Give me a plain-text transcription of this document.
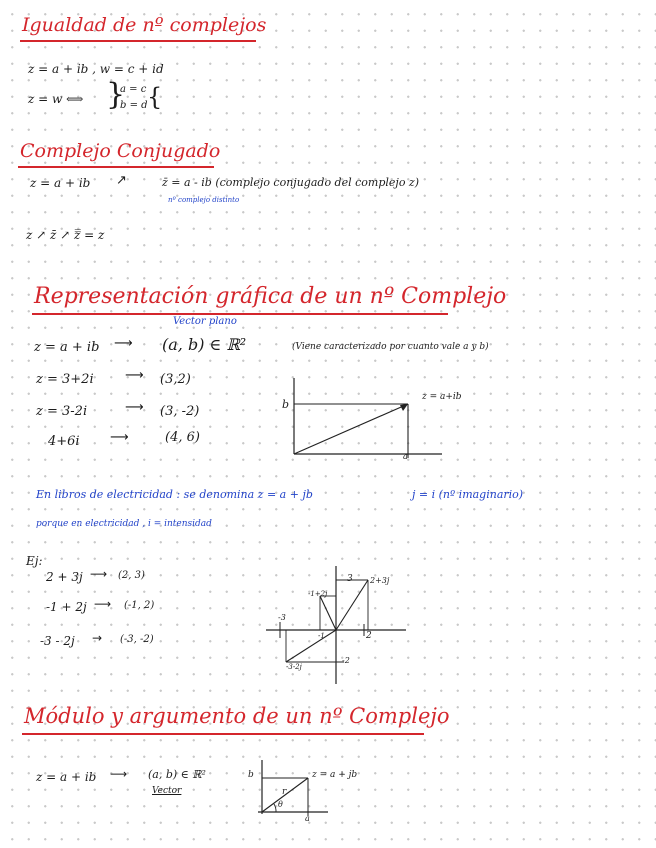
Igualdad de nº complejos
z = a + ib , w = c + id
z = w ⟺ }
a = c
b = d {
Complejo Conjugado
z = a + ib ↗	z̄ = a - ib (complejo conjugado del complejo z)
nº complejo distinto
z ↗ z̄ ↗ z̿ = z
Representación gráfica de un nº Complejo
Vector plano
z = a + ib ⟶ (a, b) ∈ ℝ²	(Viene caracterizado por cuanto vale a y b)
z = 3+2i ⟶ (3,2)
z = 3-2i	⟶ (3, -2)
4+6i ⟶	(4, 6)
b
a
z = a+ib
En libros de electricidad : se denomina z = a + jb	j = i (nº imaginario)
porque en electricidad , i = intensidad
Ej:
2 + 3j ⟶ (2, 3)
-1 + 2j ⟶ (-1, 2)
-3 - 2j → (-3, -2)
3
2
-3
-2
-1
2+3j
-1+2j
-3-2j
Módulo y argumento de un nº Complejo
z = a + ib ⟶ (a, b) ∈ ℝ²
Vector
b
a
r
θ
z = a + jb
